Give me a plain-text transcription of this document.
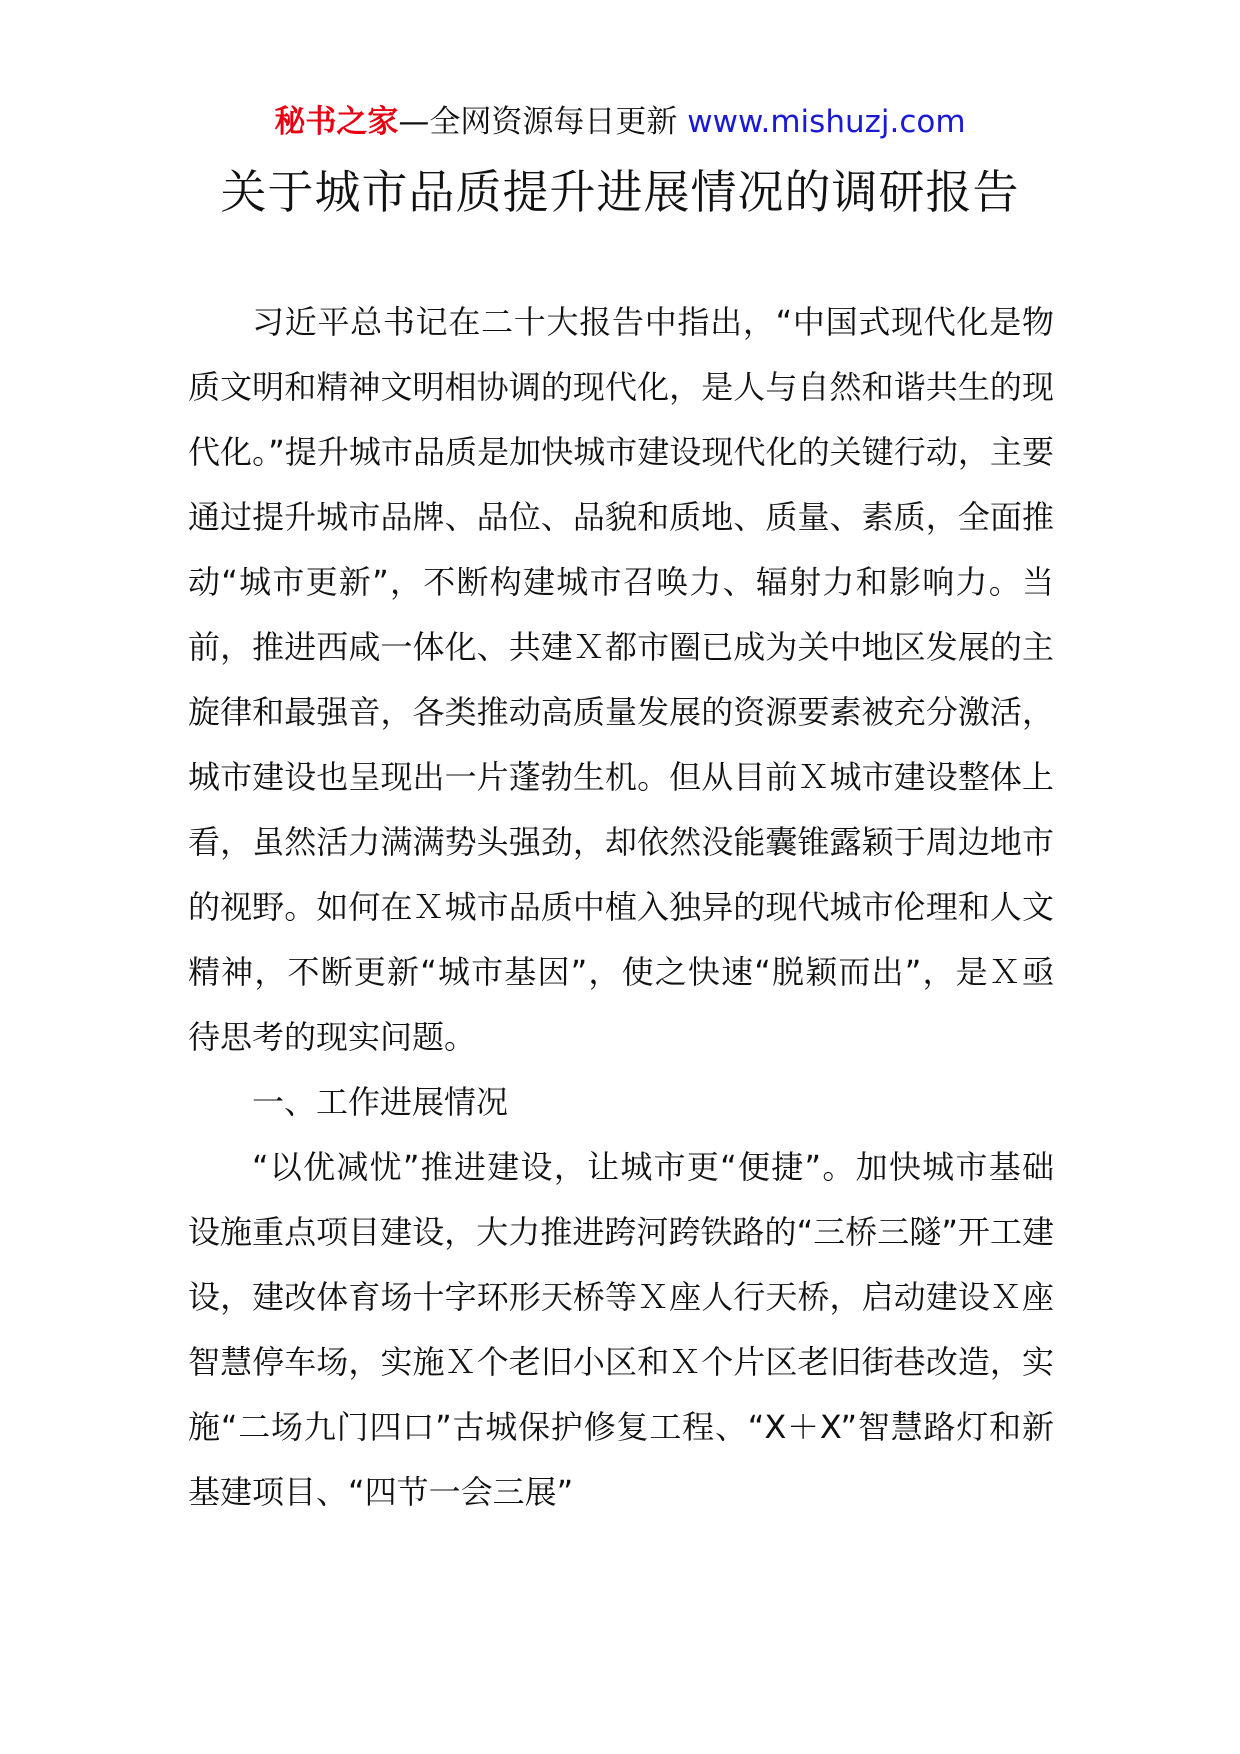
秘书之家—全网资源每日更新 www.mishuzj.com
关于城市品质提升进展情况的调研报告

习近平总书记在二十大报告中指出，“中国式现代化是物质文明和精神文明相协调的现代化，是人与自然和谐共生的现代化。”提升城市品质是加快城市建设现代化的关键行动，主要通过提升城市品牌、品位、品貌和质地、质量、素质，全面推动“城市更新”，不断构建城市召唤力、辐射力和影响力。当前，推进西咸一体化、共建Ｘ都市圈已成为关中地区发展的主旋律和最强音，各类推动高质量发展的资源要素被充分激活，城市建设也呈现出一片蓬勃生机。但从目前Ｘ城市建设整体上看，虽然活力满满势头强劲，却依然没能囊锥露颖于周边地市的视野。如何在Ｘ城市品质中植入独异的现代城市伦理和人文精神，不断更新“城市基因”，使之快速“脱颖而出”，是Ｘ亟待思考的现实问题。

一、工作进展情况

“以优减忧”推进建设，让城市更“便捷”。加快城市基础设施重点项目建设，大力推进跨河跨铁路的“三桥三隧”开工建设，建改体育场十字环形天桥等Ｘ座人行天桥，启动建设Ｘ座智慧停车场，实施Ｘ个老旧小区和Ｘ个片区老旧街巷改造，实施“二场九门四口”古城保护修复工程、“X＋X”智慧路灯和新基建项目、“四节一会三展”
